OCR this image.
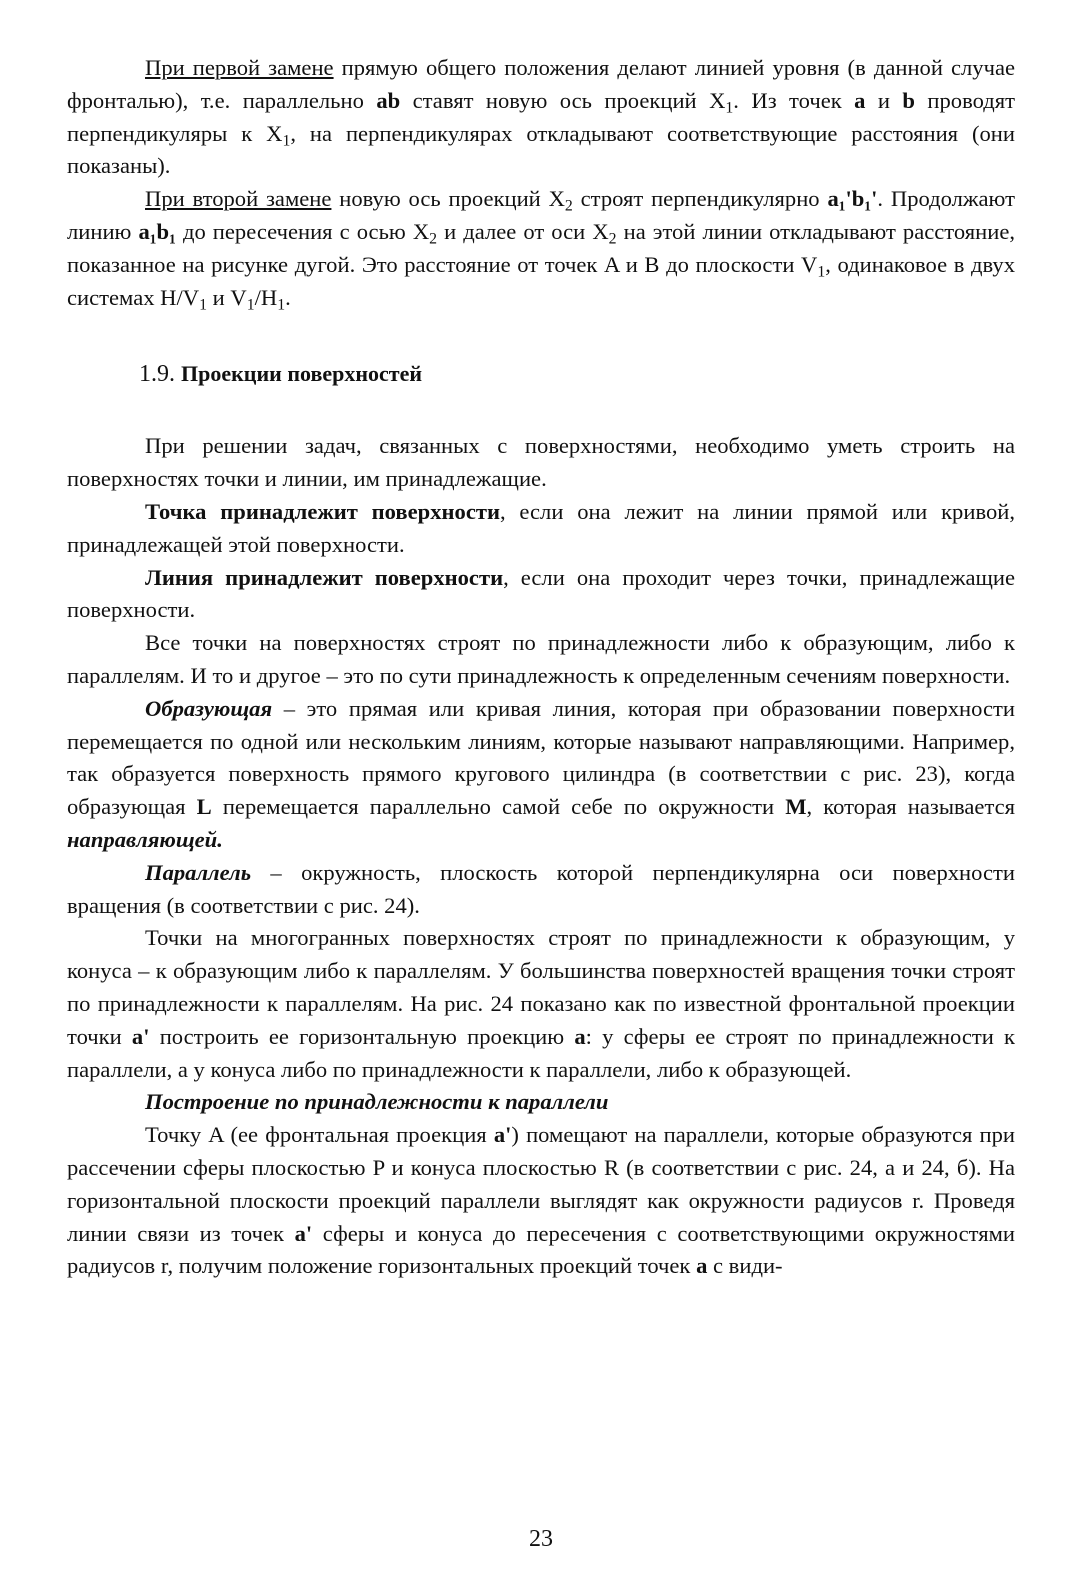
При первой замене прямую общего положения делают линией уровня (в данной случае фронталью), т.е. параллельно ab ставят новую ось проекций $X_1$. Из точек a и b проводят перпендикуляры к $X_1$, на перпендикулярах откладывают соответствующие расстояния (они показаны).

При второй замене новую ось проекций $X_2$ строят перпендикулярно a₁'b₁'. Продолжают линию a₁b₁ до пересечения с осью $X_2$ и далее от оси $X_2$ на этой линии откладывают расстояние, показанное на рисунке дугой. Это расстояние от точек A и B до плоскости $V_1$, одинаковое в двух системах $H/V_1$ и $V_1/H_1$.

1.9. Проекции поверхностей

При решении задач, связанных с поверхностями, необходимо уметь строить на поверхностях точки и линии, им принадлежащие.

Точка принадлежит поверхности, если она лежит на линии прямой или кривой, принадлежащей этой поверхности.

Линия принадлежит поверхности, если она проходит через точки, принадлежащие поверхности.

Все точки на поверхностях строят по принадлежности либо к образующим, либо к параллелям. И то и другое – это по сути принадлежность к определенным сечениям поверхности.

Образующая – это прямая или кривая линия, которая при образовании поверхности перемещается по одной или нескольким линиям, которые называют направляющими. Например, так образуется поверхность прямого кругового цилиндра (в соответствии с рис. 23), когда образующая L перемещается параллельно самой себе по окружности M, которая называется направляющей.

Параллель – окружность, плоскость которой перпендикулярна оси поверхности вращения (в соответствии с рис. 24).

Точки на многогранных поверхностях строят по принадлежности к образующим, у конуса – к образующим либо к параллелям. У большинства поверхностей вращения точки строят по принадлежности к параллелям. На рис. 24 показано как по известной фронтальной проекции точки a' построить ее горизонтальную проекцию a: у сферы ее строят по принадлежности к параллели, а у конуса либо по принадлежности к параллели, либо к образующей.

Построение по принадлежности к параллели

Точку A (ее фронтальная проекция a') помещают на параллели, которые образуются при рассечении сферы плоскостью P и конуса плоскостью R (в соответствии с рис. 24, а и 24, б). На горизонтальной плоскости проекций параллели выглядят как окружности радиусов r. Проведя линии связи из точек a' сферы и конуса до пересечения с соответствующими окружностями радиусов r, получим положение горизонтальных проекций точек a с види-

23
